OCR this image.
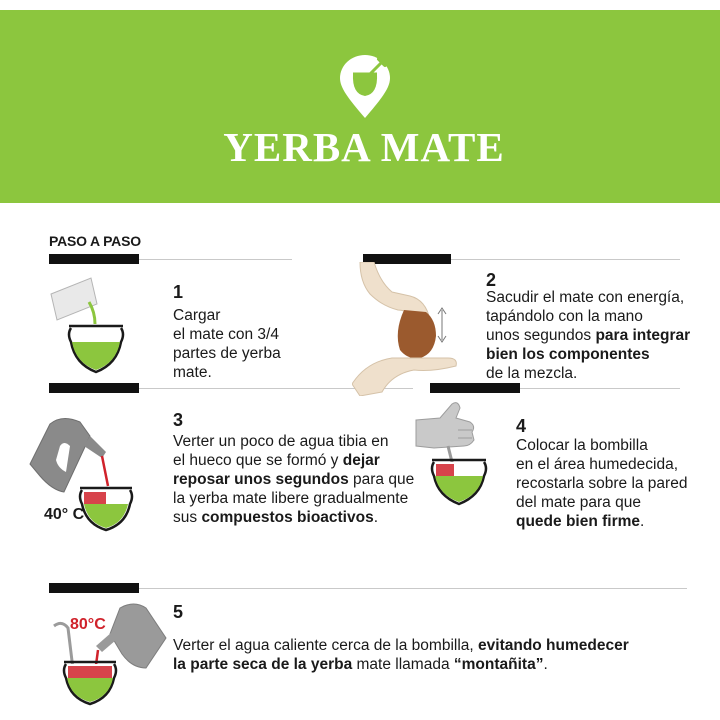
YERBA MATE
PASO A PASO
1
Cargar
el mate con 3/4
partes de yerba
mate.
2
Sacudir el mate con energía,
tapándolo con la mano
unos segundos para integrar
bien los componentes
de la mezcla.
40° C
3
Verter un poco de agua tibia en
el hueco que se formó y dejar
reposar unos segundos para que
la yerba mate libere gradualmente
sus compuestos bioactivos.
4
Colocar la bombilla
en el área humedecida,
recostarla sobre la pared
del mate para que
quede bien firme.
80°C
5
Verter el agua caliente cerca de la bombilla, evitando humedecer
la parte seca de la yerba mate llamada “montañita”.
